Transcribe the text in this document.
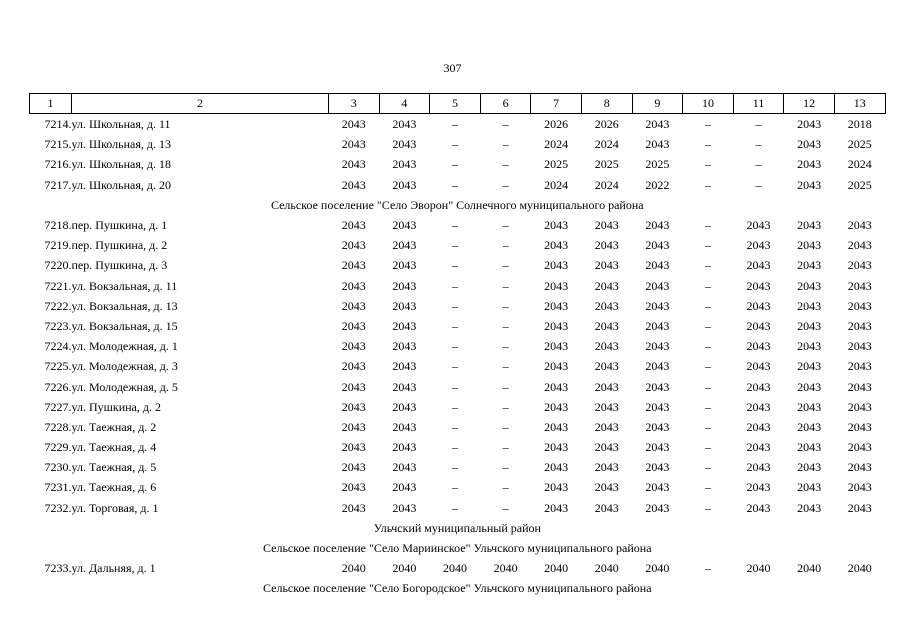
307
1	2	3	4	5	6	7	8	9	10	11	12	13
7214.	ул. Школьная, д. 11	2043	2043	–	–	2026	2026	2043	–	–	2043	2018
7215.	ул. Школьная, д. 13	2043	2043	–	–	2024	2024	2043	–	–	2043	2025
7216.	ул. Школьная, д. 18	2043	2043	–	–	2025	2025	2025	–	–	2043	2024
7217.	ул. Школьная, д. 20	2043	2043	–	–	2024	2024	2022	–	–	2043	2025
Сельское поселение "Село Эворон" Солнечного муниципального района												
7218.	пер. Пушкина, д. 1	2043	2043	–	–	2043	2043	2043	–	2043	2043	2043
7219.	пер. Пушкина, д. 2	2043	2043	–	–	2043	2043	2043	–	2043	2043	2043
7220.	пер. Пушкина, д. 3	2043	2043	–	–	2043	2043	2043	–	2043	2043	2043
7221.	ул. Вокзальная, д. 11	2043	2043	–	–	2043	2043	2043	–	2043	2043	2043
7222.	ул. Вокзальная, д. 13	2043	2043	–	–	2043	2043	2043	–	2043	2043	2043
7223.	ул. Вокзальная, д. 15	2043	2043	–	–	2043	2043	2043	–	2043	2043	2043
7224.	ул. Молодежная, д. 1	2043	2043	–	–	2043	2043	2043	–	2043	2043	2043
7225.	ул. Молодежная, д. 3	2043	2043	–	–	2043	2043	2043	–	2043	2043	2043
7226.	ул. Молодежная, д. 5	2043	2043	–	–	2043	2043	2043	–	2043	2043	2043
7227.	ул. Пушкина, д. 2	2043	2043	–	–	2043	2043	2043	–	2043	2043	2043
7228.	ул. Таежная, д. 2	2043	2043	–	–	2043	2043	2043	–	2043	2043	2043
7229.	ул. Таежная, д. 4	2043	2043	–	–	2043	2043	2043	–	2043	2043	2043
7230.	ул. Таежная, д. 5	2043	2043	–	–	2043	2043	2043	–	2043	2043	2043
7231.	ул. Таежная, д. 6	2043	2043	–	–	2043	2043	2043	–	2043	2043	2043
7232.	ул. Торговая, д. 1	2043	2043	–	–	2043	2043	2043	–	2043	2043	2043
Ульчский муниципальный район												
Сельское поселение "Село Мариинское" Ульчского муниципального района												
7233.	ул. Дальняя, д. 1	2040	2040	2040	2040	2040	2040	2040	–	2040	2040	2040
Сельское поселение "Село Богородское" Ульчского муниципального района												
